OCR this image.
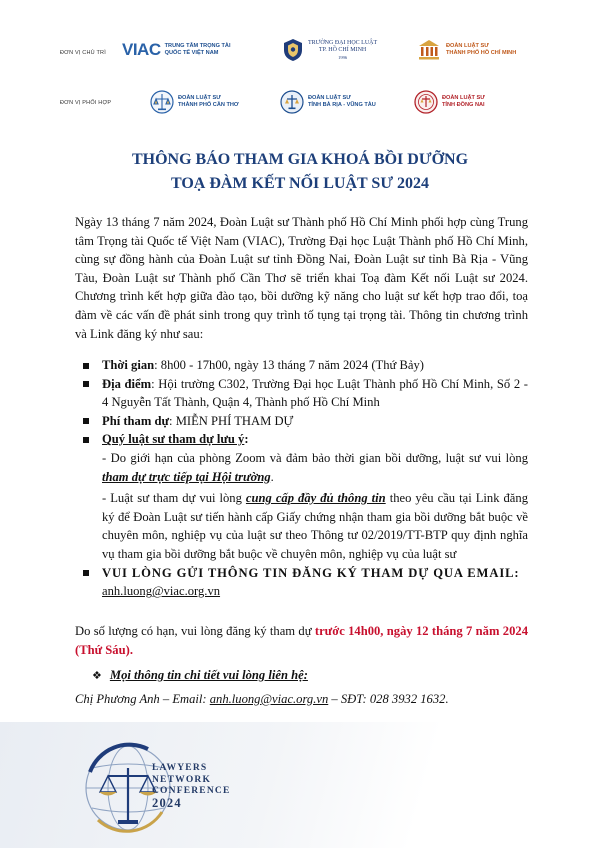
ĐƠN VỊ CHỦ TRÌ VIAC TRUNG TÂM TRỌNG TÀI
QUỐC TẾ VIỆT NAM
TRƯỜNG ĐẠI HỌC LUẬT
TP. HỒ CHÍ MINH
1996
ĐOÀN LUẬT SƯ
THÀNH PHỐ HỒ CHÍ MINH
ĐƠN VỊ PHỐI HỢP
ĐOÀN LUẬT SƯ
THÀNH PHỐ CẦN THƠ
ĐOÀN LUẬT SƯ
TỈNH BÀ RỊA - VŨNG TÀU
ĐOÀN LUẬT SƯ
TỈNH ĐỒNG NAI
THÔNG BÁO THAM GIA KHOÁ BỒI DƯỠNG
TOẠ ĐÀM KẾT NỐI LUẬT SƯ 2024
Ngày 13 tháng 7 năm 2024, Đoàn Luật sư Thành phố Hồ Chí Minh phối hợp cùng Trung tâm Trọng tài Quốc tế Việt Nam (VIAC), Trường Đại học Luật Thành phố Hồ Chí Minh, cùng sự đồng hành của Đoàn Luật sư tỉnh Đồng Nai, Đoàn Luật sư tỉnh Bà Rịa - Vũng Tàu, Đoàn Luật sư Thành phố Cần Thơ sẽ triển khai Toạ đàm Kết nối Luật sư 2024. Chương trình kết hợp giữa đào tạo, bồi dưỡng kỹ năng cho luật sư kết hợp trao đổi, toạ đàm về các vấn đề phát sinh trong quy trình tố tụng tại trọng tài. Thông tin chương trình và Link đăng ký như sau:
Thời gian: 8h00 - 17h00, ngày 13 tháng 7 năm 2024 (Thứ Bảy)
Địa điểm: Hội trường C302, Trường Đại học Luật Thành phố Hồ Chí Minh, Số 2 - 4 Nguyễn Tất Thành, Quận 4, Thành phố Hồ Chí Minh
Phí tham dự: MIỄN PHÍ THAM DỰ
Quý luật sư tham dự lưu ý:
- Do giới hạn của phòng Zoom và đảm bảo thời gian bồi dưỡng, luật sư vui lòng tham dự trực tiếp tại Hội trường.
- Luật sư tham dự vui lòng cung cấp đầy đủ thông tin theo yêu cầu tại Link đăng ký để Đoàn Luật sư tiến hành cấp Giấy chứng nhận tham gia bồi dưỡng bắt buộc về chuyên môn, nghiệp vụ của luật sư theo Thông tư 02/2019/TT-BTP quy định nghĩa vụ tham gia bồi dưỡng bắt buộc về chuyên môn, nghiệp vụ của luật sư
VUI LÒNG GỬI THÔNG TIN ĐĂNG KÝ THAM DỰ QUA EMAIL:
anh.luong@viac.org.vn
Do số lượng có hạn, vui lòng đăng ký tham dự trước 14h00, ngày 12 tháng 7 năm 2024 (Thứ Sáu).
❖ Mọi thông tin chi tiết vui lòng liên hệ:
Chị Phương Anh – Email: anh.luong@viac.org.vn – SĐT: 028 3932 1632.
LAWYERS
NETWORK
CONFERENCE
2024
